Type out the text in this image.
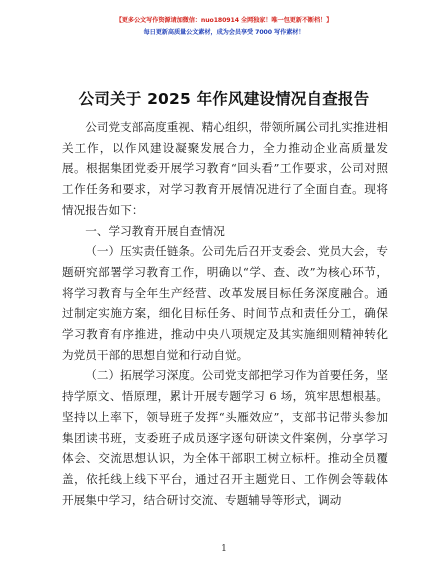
【更多公文写作资源请加微信：nuo180914 全网独家！唯一包更新不断档！】
每日更新高质量公文素材，成为会员享受 7000 写作素材！
公司关于 2025 年作风建设情况自查报告

公司党支部高度重视、精心组织，带领所属公司扎实推进相关工作，以作风建设凝聚发展合力，全力推动企业高质量发展。根据集团党委开展学习教育“回头看”工作要求，公司对照工作任务和要求，对学习教育开展情况进行了全面自查。现将情况报告如下：

一、学习教育开展自查情况

（一）压实责任链条。公司先后召开支委会、党员大会，专题研究部署学习教育工作，明确以“学、查、改”为核心环节，将学习教育与全年生产经营、改革发展目标任务深度融合。通过制定实施方案，细化目标任务、时间节点和责任分工，确保学习教育有序推进，推动中央八项规定及其实施细则精神转化为党员干部的思想自觉和行动自觉。

（二）拓展学习深度。公司党支部把学习作为首要任务，坚持学原文、悟原理，累计开展专题学习 6 场，筑牢思想根基。坚持以上率下，领导班子发挥“头雁效应”，支部书记带头参加集团读书班，支委班子成员逐字逐句研读文件案例，分享学习体会、交流思想认识，为全体干部职工树立标杆。推动全员覆盖，依托线上线下平台，通过召开主题党日、工作例会等载体开展集中学习，结合研讨交流、专题辅导等形式，调动

1
